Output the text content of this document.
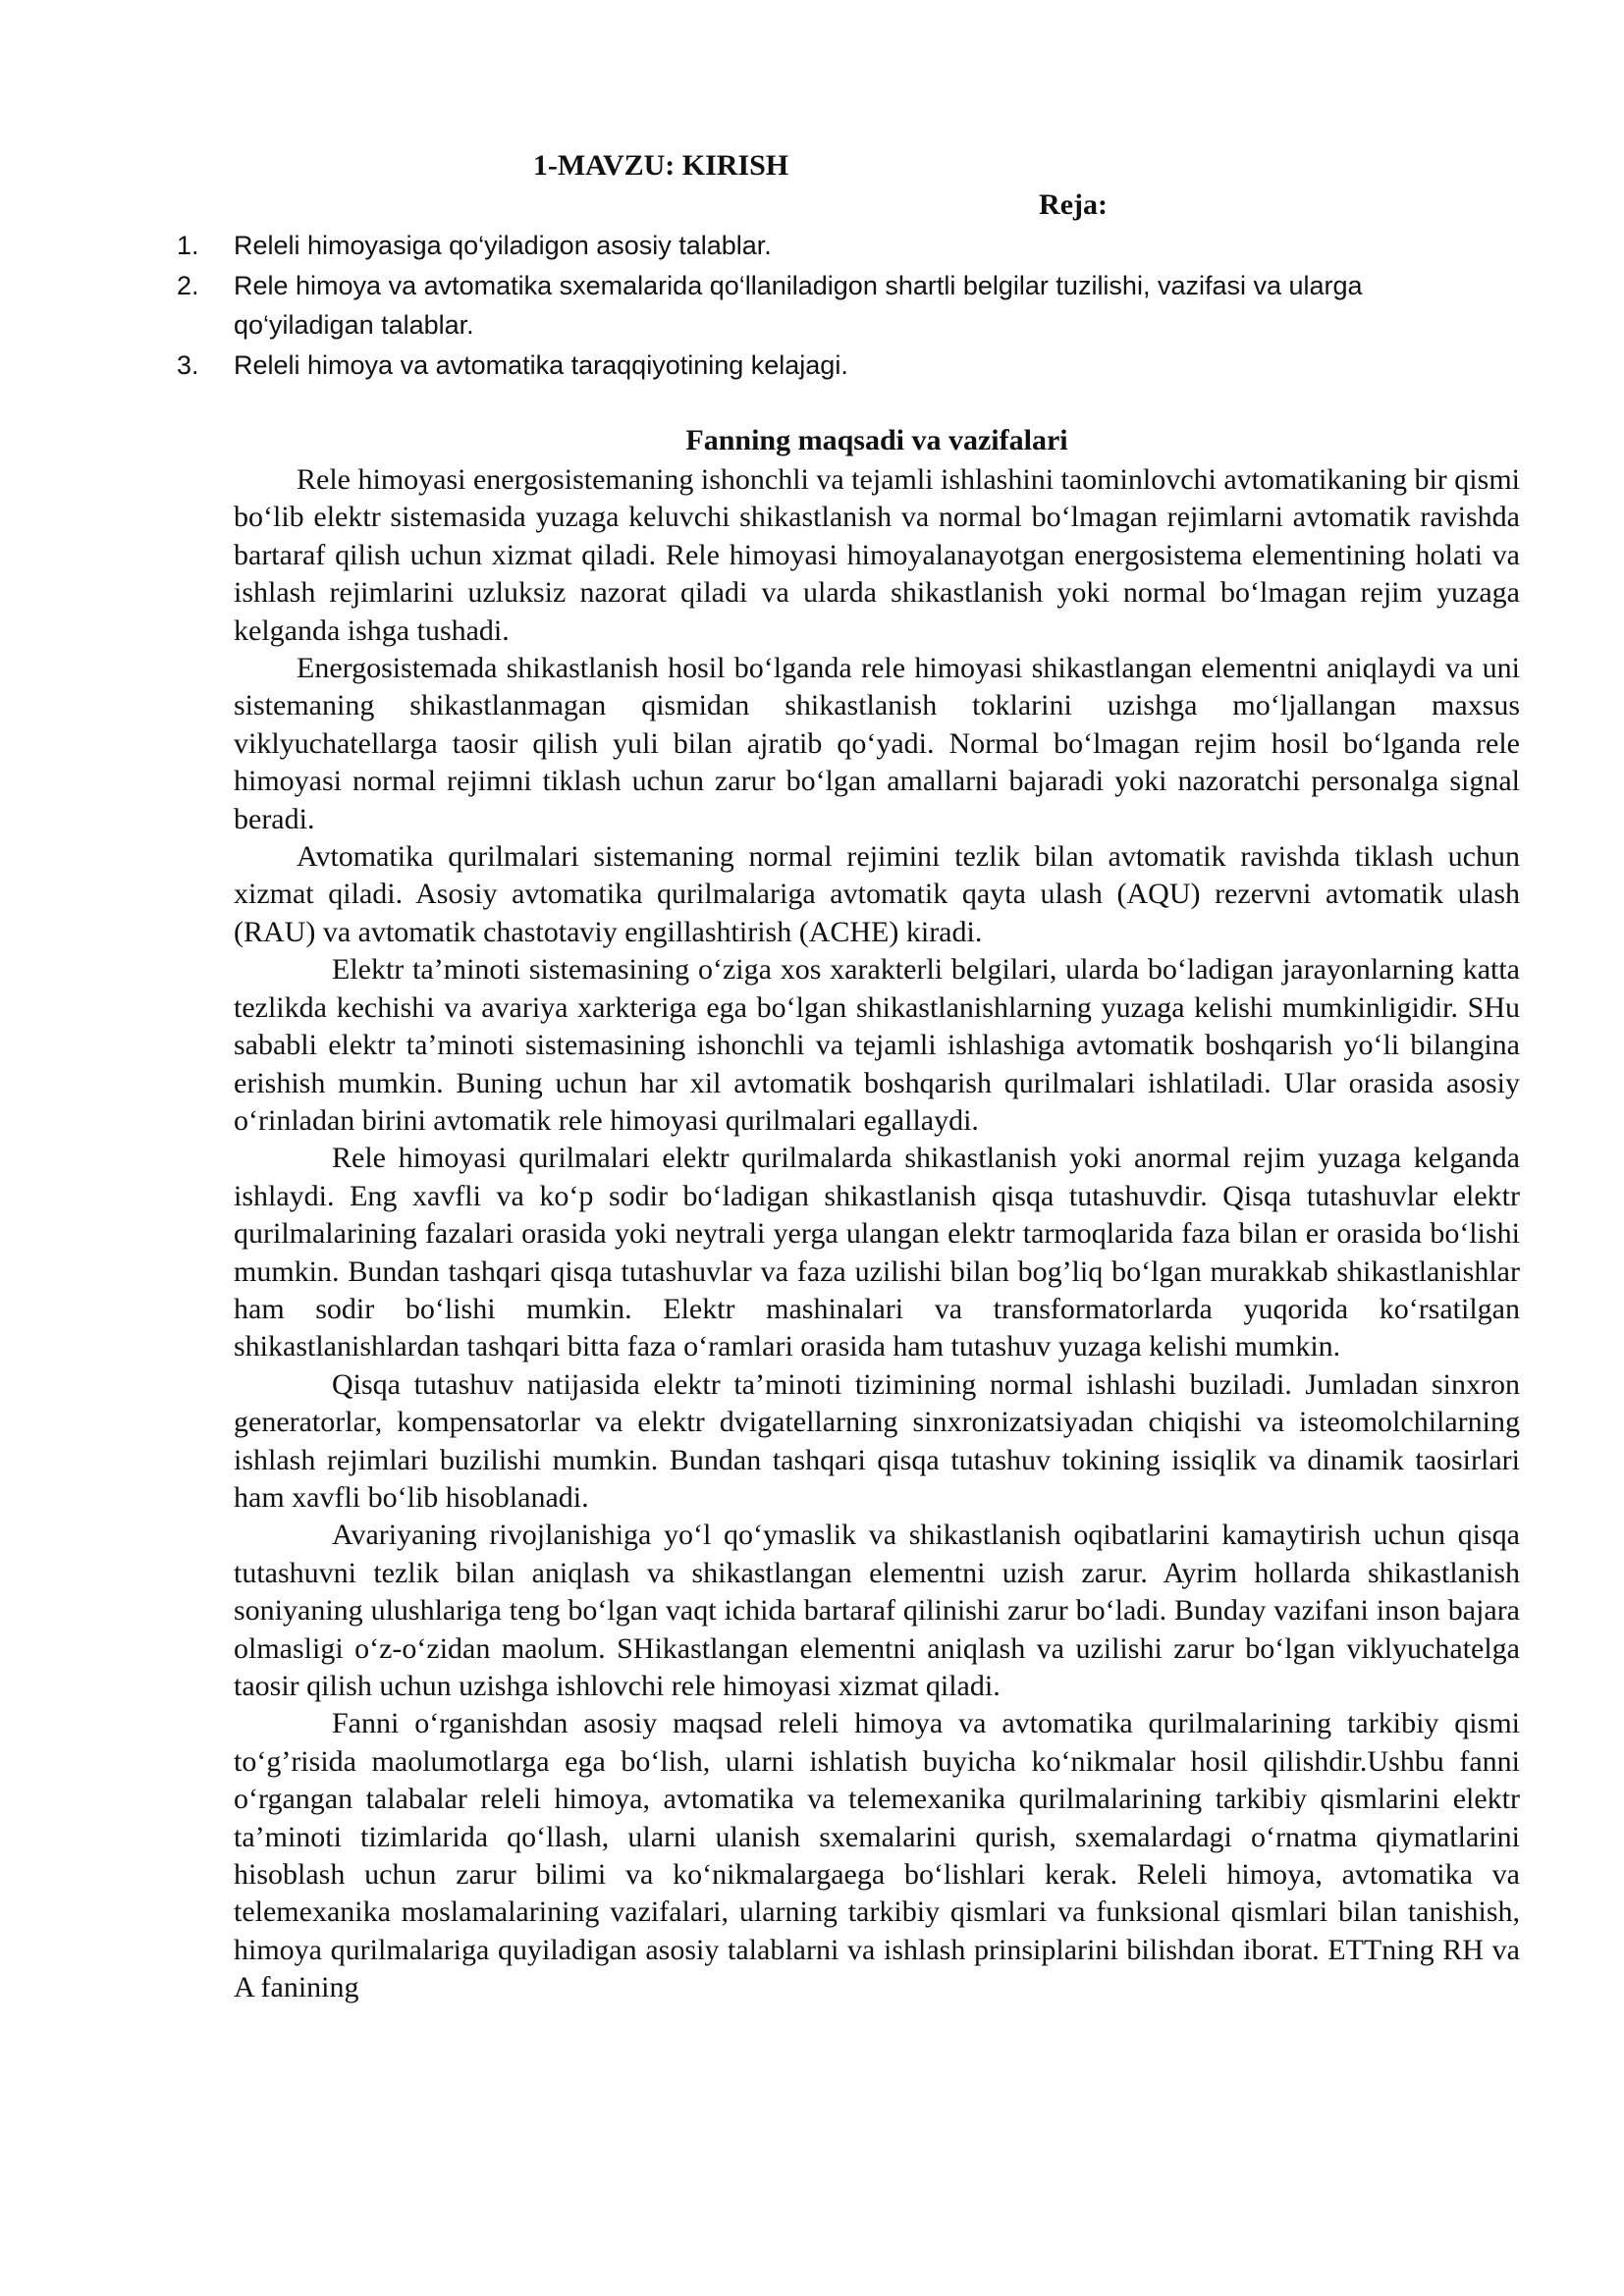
1-MAVZU: KIRISH

Reja:

1.	Releli himoyasiga qo‘yiladigon asosiy talablar.
2.	Rele himoya va avtomatika sxemalarida qo‘llaniladigon shartli belgilar tuzilishi, vazifasi va ularga qo‘yiladigan talablar.
3.	Releli himoya va avtomatika taraqqiyotining kelajagi.

Fanning maqsadi va vazifalari

Rele himoyasi energosistemaning ishonchli va tejamli ishlashini taominlovchi avtomatikaning bir qismi bo‘lib elektr sistemasida yuzaga keluvchi shikastlanish va normal bo‘lmagan rejimlarni avtomatik ravishda bartaraf qilish uchun xizmat qiladi. Rele himoyasi himoyalanayotgan energosistema elementining holati va ishlash rejimlarini uzluksiz nazorat qiladi va ularda shikastlanish yoki normal bo‘lmagan rejim yuzaga kelganda ishga tushadi.

Energosistemada shikastlanish hosil bo‘lganda rele himoyasi shikastlangan elementni aniqlaydi va uni sistemaning shikastlanmagan qismidan shikastlanish toklarini uzishga mo‘ljallangan maxsus viklyuchatellarga taosir qilish yuli bilan ajratib qo‘yadi. Normal bo‘lmagan rejim hosil bo‘lganda rele himoyasi normal rejimni tiklash uchun zarur bo‘lgan amallarni bajaradi yoki nazoratchi personalga signal beradi.

Avtomatika qurilmalari sistemaning normal rejimini tezlik bilan avtomatik ravishda tiklash uchun xizmat qiladi. Asosiy avtomatika qurilmalariga avtomatik qayta ulash (AQU) rezervni avtomatik ulash (RAU) va avtomatik chastotaviy engillashtirish (ACHE) kiradi.

Elektr ta’minoti sistemasining o‘ziga xos xarakterli belgilari, ularda bo‘ladigan jarayonlarning katta tezlikda kechishi va avariya xarkteriga ega bo‘lgan shikastlanishlarning yuzaga kelishi mumkinligidir. SHu sababli elektr ta’minoti sistemasining ishonchli va tejamli ishlashiga avtomatik boshqarish yo‘li bilangina erishish mumkin. Buning uchun har xil avtomatik boshqarish qurilmalari ishlatiladi. Ular orasida asosiy o‘rinladan birini avtomatik rele himoyasi qurilmalari egallaydi.

Rele himoyasi qurilmalari elektr qurilmalarda shikastlanish yoki anormal rejim yuzaga kelganda ishlaydi. Eng xavfli va ko‘p sodir bo‘ladigan shikastlanish qisqa tutashuvdir. Qisqa tutashuvlar elektr qurilmalarining fazalari orasida yoki neytrali yerga ulangan elektr tarmoqlarida faza bilan er orasida bo‘lishi mumkin. Bundan tashqari qisqa tutashuvlar va faza uzilishi bilan bog’liq bo‘lgan murakkab shikastlanishlar ham sodir bo‘lishi mumkin. Elektr mashinalari va transformatorlarda yuqorida ko‘rsatilgan shikastlanishlardan tashqari bitta faza o‘ramlari orasida ham tutashuv yuzaga kelishi mumkin.

Qisqa tutashuv natijasida elektr ta’minoti tizimining normal ishlashi buziladi. Jumladan sinxron generatorlar, kompensatorlar va elektr dvigatellarning sinxronizatsiyadan chiqishi va isteomolchilarning ishlash rejimlari buzilishi mumkin. Bundan tashqari qisqa tutashuv tokining issiqlik va dinamik taosirlari ham xavfli bo‘lib hisoblanadi.

Avariyaning rivojlanishiga yo‘l qo‘ymaslik va shikastlanish oqibatlarini kamaytirish uchun qisqa tutashuvni tezlik bilan aniqlash va shikastlangan elementni uzish zarur. Ayrim hollarda shikastlanish soniyaning ulushlariga teng bo‘lgan vaqt ichida bartaraf qilinishi zarur bo‘ladi. Bunday vazifani inson bajara olmasligi o‘z-o‘zidan maolum. SHikastlangan elementni aniqlash va uzilishi zarur bo‘lgan viklyuchatelga taosir qilish uchun uzishga ishlovchi rele himoyasi xizmat qiladi.

Fanni o‘rganishdan asosiy maqsad releli himoya va avtomatika qurilmalarining tarkibiy qismi to‘g’risida maolumotlarga ega bo‘lish, ularni ishlatish buyicha ko‘nikmalar hosil qilishdir.Ushbu fanni o‘rgangan talabalar releli himoya, avtomatika va telemexanika qurilmalarining tarkibiy qismlarini elektr ta’minoti tizimlarida qo‘llash, ularni ulanish sxemalarini qurish, sxemalardagi o‘rnatma qiymatlarini hisoblash uchun zarur bilimi va ko‘nikmalargaega bo‘lishlari kerak. Releli himoya, avtomatika va telemexanika moslamalarining vazifalari, ularning tarkibiy qismlari va funksional qismlari bilan tanishish, himoya qurilmalariga quyiladigan asosiy talablarni va ishlash prinsiplarini bilishdan iborat. ETTning RH va A fanining
